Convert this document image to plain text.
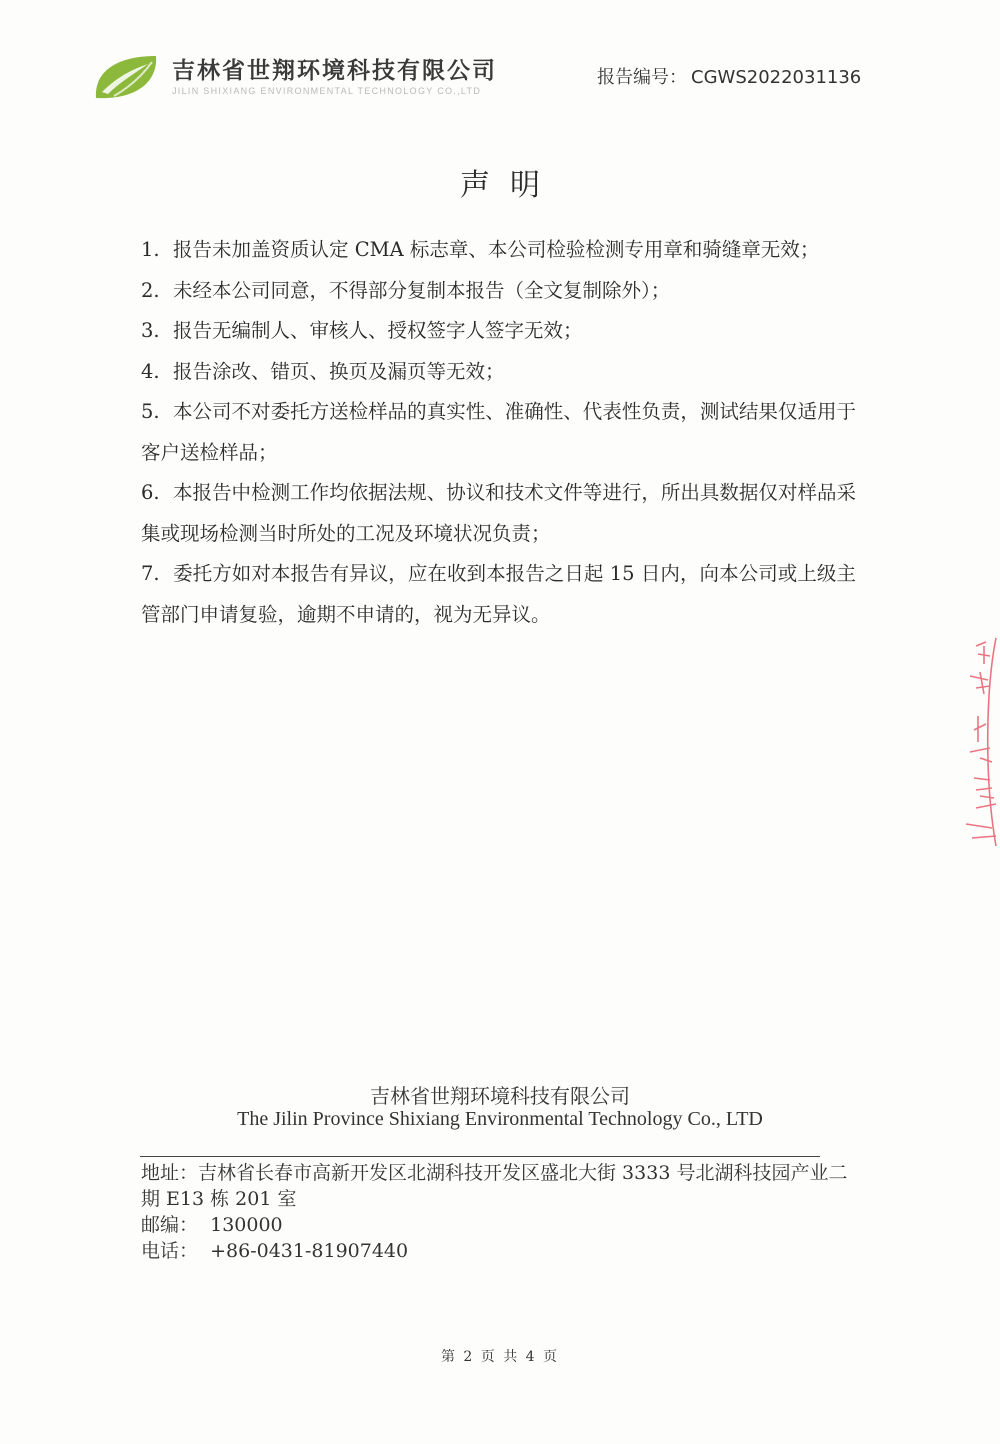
吉林省世翔环境科技有限公司
JILIN SHIXIANG ENVIRONMENTAL TECHNOLOGY CO.,LTD
报告编号： CGWS2022031136
声明
1. 报告未加盖资质认定 CMA 标志章、本公司检验检测专用章和骑缝章无效；
2. 未经本公司同意，不得部分复制本报告（全文复制除外）；
3. 报告无编制人、审核人、授权签字人签字无效；
4. 报告涂改、错页、换页及漏页等无效；
5. 本公司不对委托方送检样品的真实性、准确性、代表性负责，测试结果仅适用于客户送检样品；
6. 本报告中检测工作均依据法规、协议和技术文件等进行，所出具数据仅对样品采集或现场检测当时所处的工况及环境状况负责；
7. 委托方如对本报告有异议，应在收到本报告之日起 15 日内，向本公司或上级主管部门申请复验，逾期不申请的，视为无异议。
吉林省世翔环境科技有限公司
The Jilin Province Shixiang Environmental Technology Co., LTD
地址：吉林省长春市高新开发区北湖科技开发区盛北大街 3333 号北湖科技园产业二期 E13 栋 201 室
邮编： 130000
电话： +86-0431-81907440
第 2 页 共 4 页
